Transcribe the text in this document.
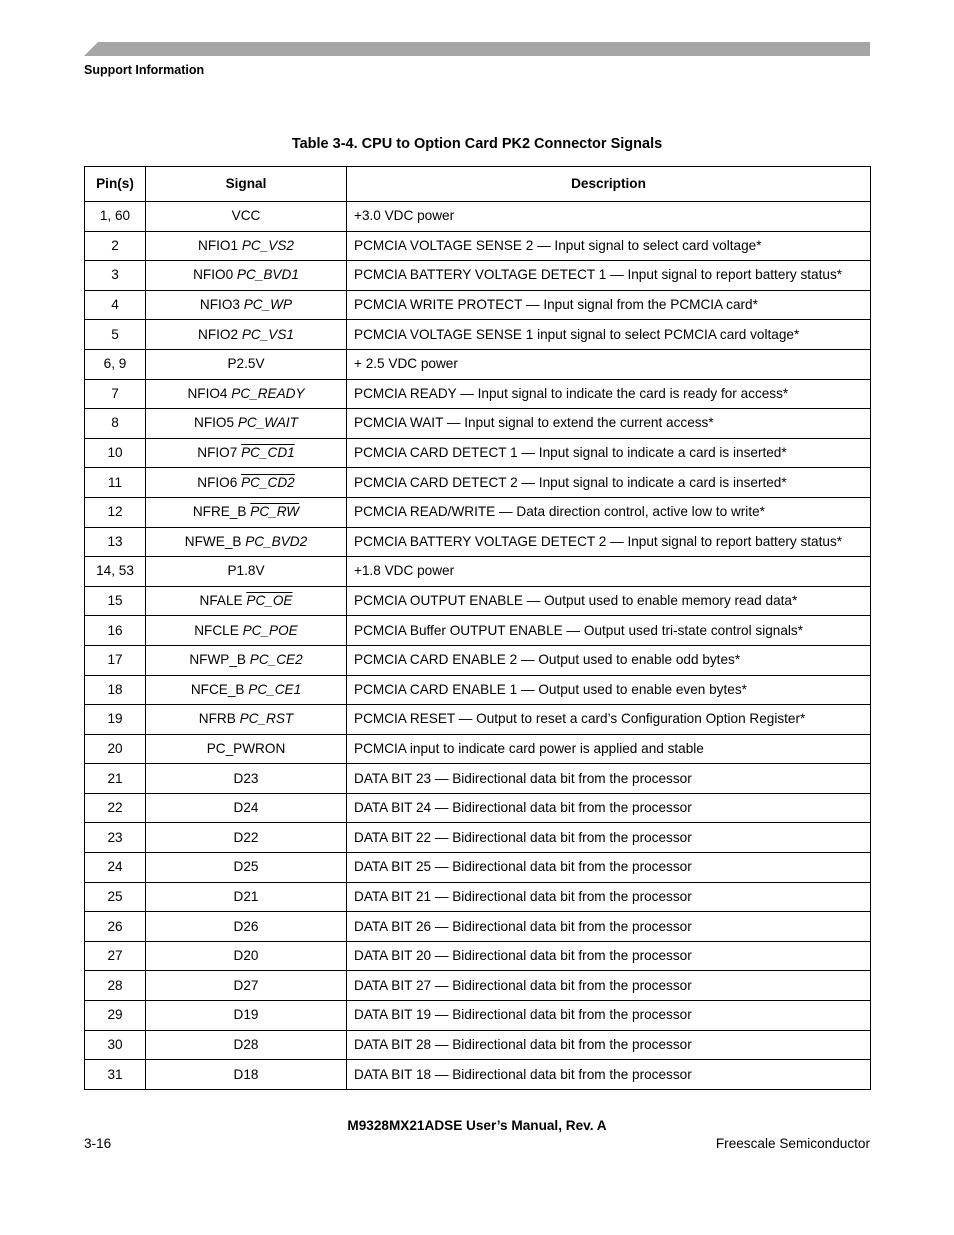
Support Information
Table 3-4. CPU to Option Card PK2 Connector Signals
Pin(s)	Signal	Description
1, 60	VCC	+3.0 VDC power
2	NFIO1 PC_VS2	PCMCIA VOLTAGE SENSE 2 — Input signal to select card voltage*
3	NFIO0 PC_BVD1	PCMCIA BATTERY VOLTAGE DETECT 1 — Input signal to report battery status*
4	NFIO3 PC_WP	PCMCIA WRITE PROTECT — Input signal from the PCMCIA card*
5	NFIO2 PC_VS1	PCMCIA VOLTAGE SENSE 1 input signal to select PCMCIA card voltage*
6, 9	P2.5V	+ 2.5 VDC power
7	NFIO4 PC_READY	PCMCIA READY — Input signal to indicate the card is ready for access*
8	NFIO5 PC_WAIT	PCMCIA WAIT — Input signal to extend the current access*
10	NFIO7 PC_CD1	PCMCIA CARD DETECT 1 — Input signal to indicate a card is inserted*
11	NFIO6 PC_CD2	PCMCIA CARD DETECT 2 — Input signal to indicate a card is inserted*
12	NFRE_B PC_RW	PCMCIA READ/WRITE — Data direction control, active low to write*
13	NFWE_B PC_BVD2	PCMCIA BATTERY VOLTAGE DETECT 2 — Input signal to report battery status*
14, 53	P1.8V	+1.8 VDC power
15	NFALE PC_OE	PCMCIA OUTPUT ENABLE — Output used to enable memory read data*
16	NFCLE PC_POE	PCMCIA Buffer OUTPUT ENABLE — Output used tri-state control signals*
17	NFWP_B PC_CE2	PCMCIA CARD ENABLE 2 — Output used to enable odd bytes*
18	NFCE_B PC_CE1	PCMCIA CARD ENABLE 1 — Output used to enable even bytes*
19	NFRB PC_RST	PCMCIA RESET — Output to reset a card’s Configuration Option Register*
20	PC_PWRON	PCMCIA input to indicate card power is applied and stable
21	D23	DATA BIT 23 — Bidirectional data bit from the processor
22	D24	DATA BIT 24 — Bidirectional data bit from the processor
23	D22	DATA BIT 22 — Bidirectional data bit from the processor
24	D25	DATA BIT 25 — Bidirectional data bit from the processor
25	D21	DATA BIT 21 — Bidirectional data bit from the processor
26	D26	DATA BIT 26 — Bidirectional data bit from the processor
27	D20	DATA BIT 20 — Bidirectional data bit from the processor
28	D27	DATA BIT 27 — Bidirectional data bit from the processor
29	D19	DATA BIT 19 — Bidirectional data bit from the processor
30	D28	DATA BIT 28 — Bidirectional data bit from the processor
31	D18	DATA BIT 18 — Bidirectional data bit from the processor
M9328MX21ADSE User’s Manual, Rev. A
3-16	Freescale Semiconductor
